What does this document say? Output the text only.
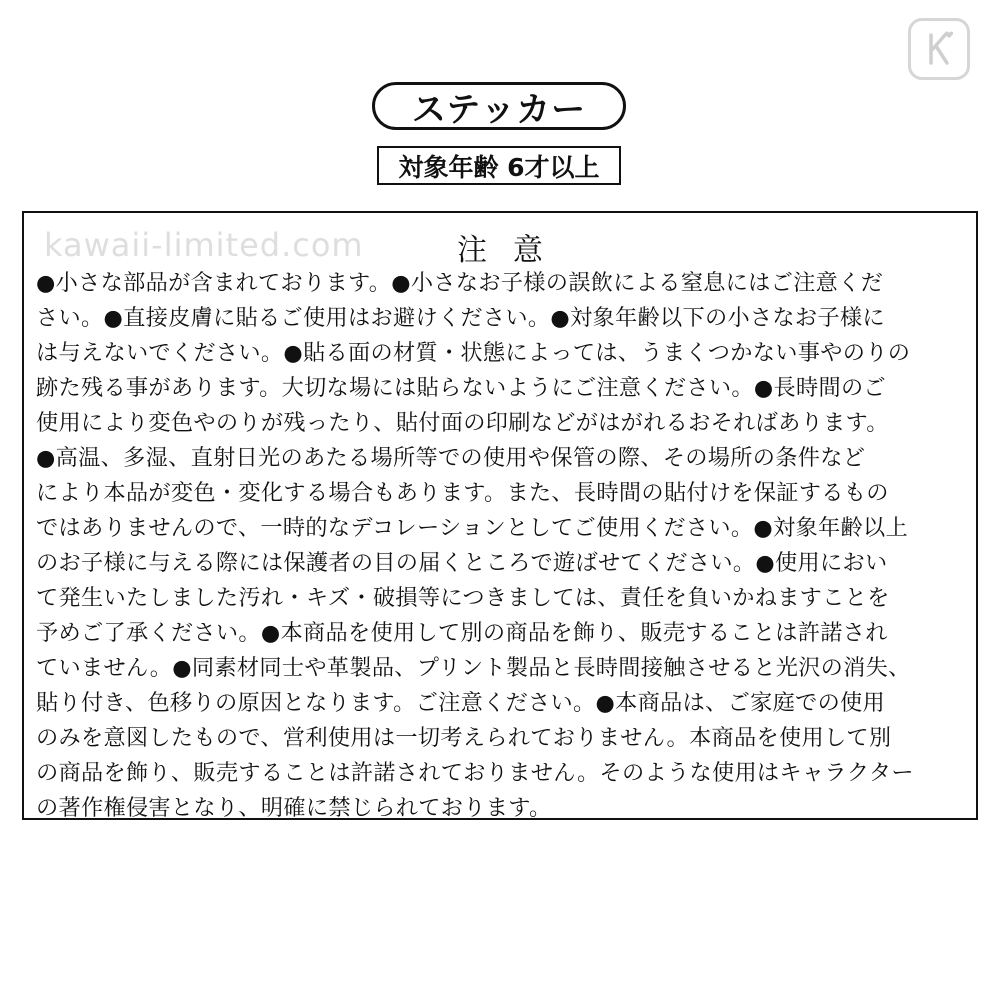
ステッカー
対象年齢 6才以上
kawaii-limited.com	注意
●小さな部品が含まれております。●小さなお子様の誤飲による窒息にはご注意くだ
さい。●直接皮膚に貼るご使用はお避けください。●対象年齢以下の小さなお子様に
は与えないでください。●貼る面の材質・状態によっては、うまくつかない事やのりの
跡た残る事があります。大切な場には貼らないようにご注意ください。●長時間のご
使用により変色やのりが残ったり、貼付面の印刷などがはがれるおそればあります。
●高温、多湿、直射日光のあたる場所等での使用や保管の際、その場所の条件など
により本品が変色・変化する場合もあります。また、長時間の貼付けを保証するもの
ではありませんので、一時的なデコレーションとしてご使用ください。●対象年齢以上
のお子様に与える際には保護者の目の届くところで遊ばせてください。●使用におい
て発生いたしました汚れ・キズ・破損等につきましては、責任を負いかねますことを
予めご了承ください。●本商品を使用して別の商品を飾り、販売することは許諾され
ていません。●同素材同士や革製品、プリント製品と長時間接触させると光沢の消失、
貼り付き、色移りの原因となります。ご注意ください。●本商品は、ご家庭での使用
のみを意図したもので、営利使用は一切考えられておりません。本商品を使用して別
の商品を飾り、販売することは許諾されておりません。そのような使用はキャラクター
の著作権侵害となり、明確に禁じられております。
